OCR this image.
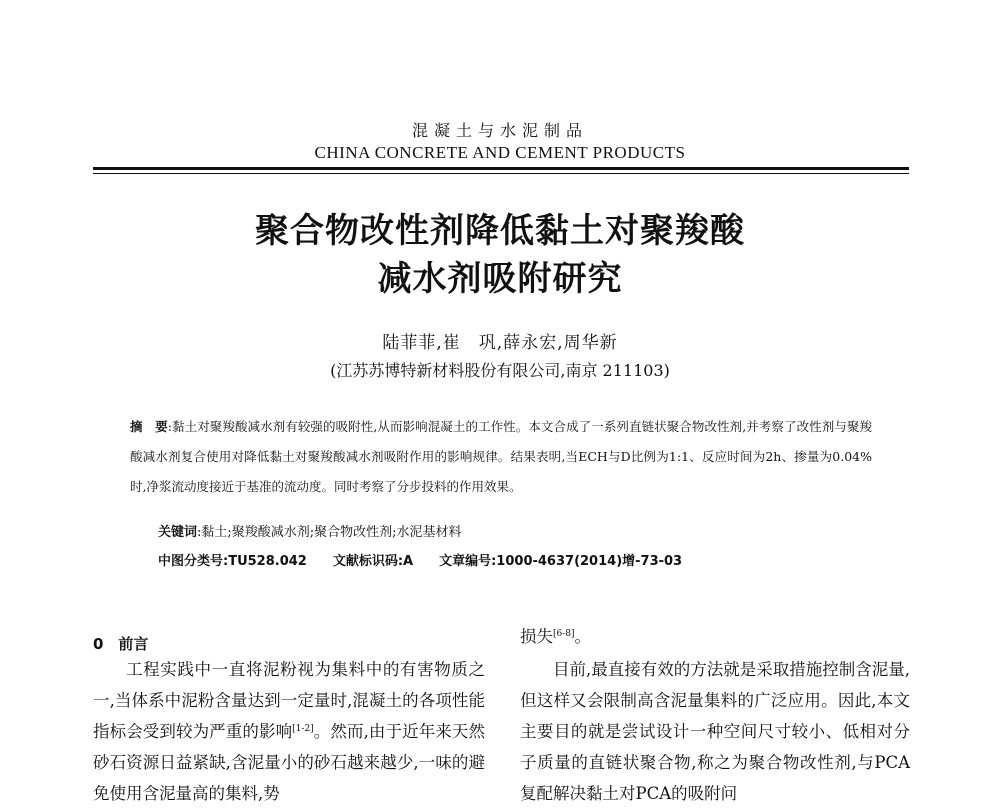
混凝土与水泥制品
CHINA CONCRETE AND CEMENT PRODUCTS
聚合物改性剂降低黏土对聚羧酸
减水剂吸附研究
陆菲菲,崔　巩,薛永宏,周华新
(江苏苏博特新材料股份有限公司,南京 211103)
摘　要:黏土对聚羧酸减水剂有较强的吸附性,从而影响混凝土的工作性。本文合成了一系列直链状聚合物改性剂,并考察了改性剂与聚羧酸减水剂复合使用对降低黏土对聚羧酸减水剂吸附作用的影响规律。结果表明,当ECH与D比例为1:1、反应时间为2h、掺量为0.04%时,净浆流动度接近于基准的流动度。同时考察了分步投料的作用效果。
关键词:黏土;聚羧酸减水剂;聚合物改性剂;水泥基材料
中图分类号:TU528.042 文献标识码:A 文章编号:1000-4637(2014)增-73-03
0　前言

工程实践中一直将泥粉视为集料中的有害物质之一,当体系中泥粉含量达到一定量时,混凝土的各项性能指标会受到较为严重的影响[1-2]。然而,由于近年来天然砂石资源日益紧缺,含泥量小的砂石越来越少,一味的避免使用含泥量高的集料,势

损失[6-8]。

目前,最直接有效的方法就是采取措施控制含泥量,但这样又会限制高含泥量集料的广泛应用。因此,本文主要目的就是尝试设计一种空间尺寸较小、低相对分子质量的直链状聚合物,称之为聚合物改性剂,与PCA复配解决黏土对PCA的吸附问
